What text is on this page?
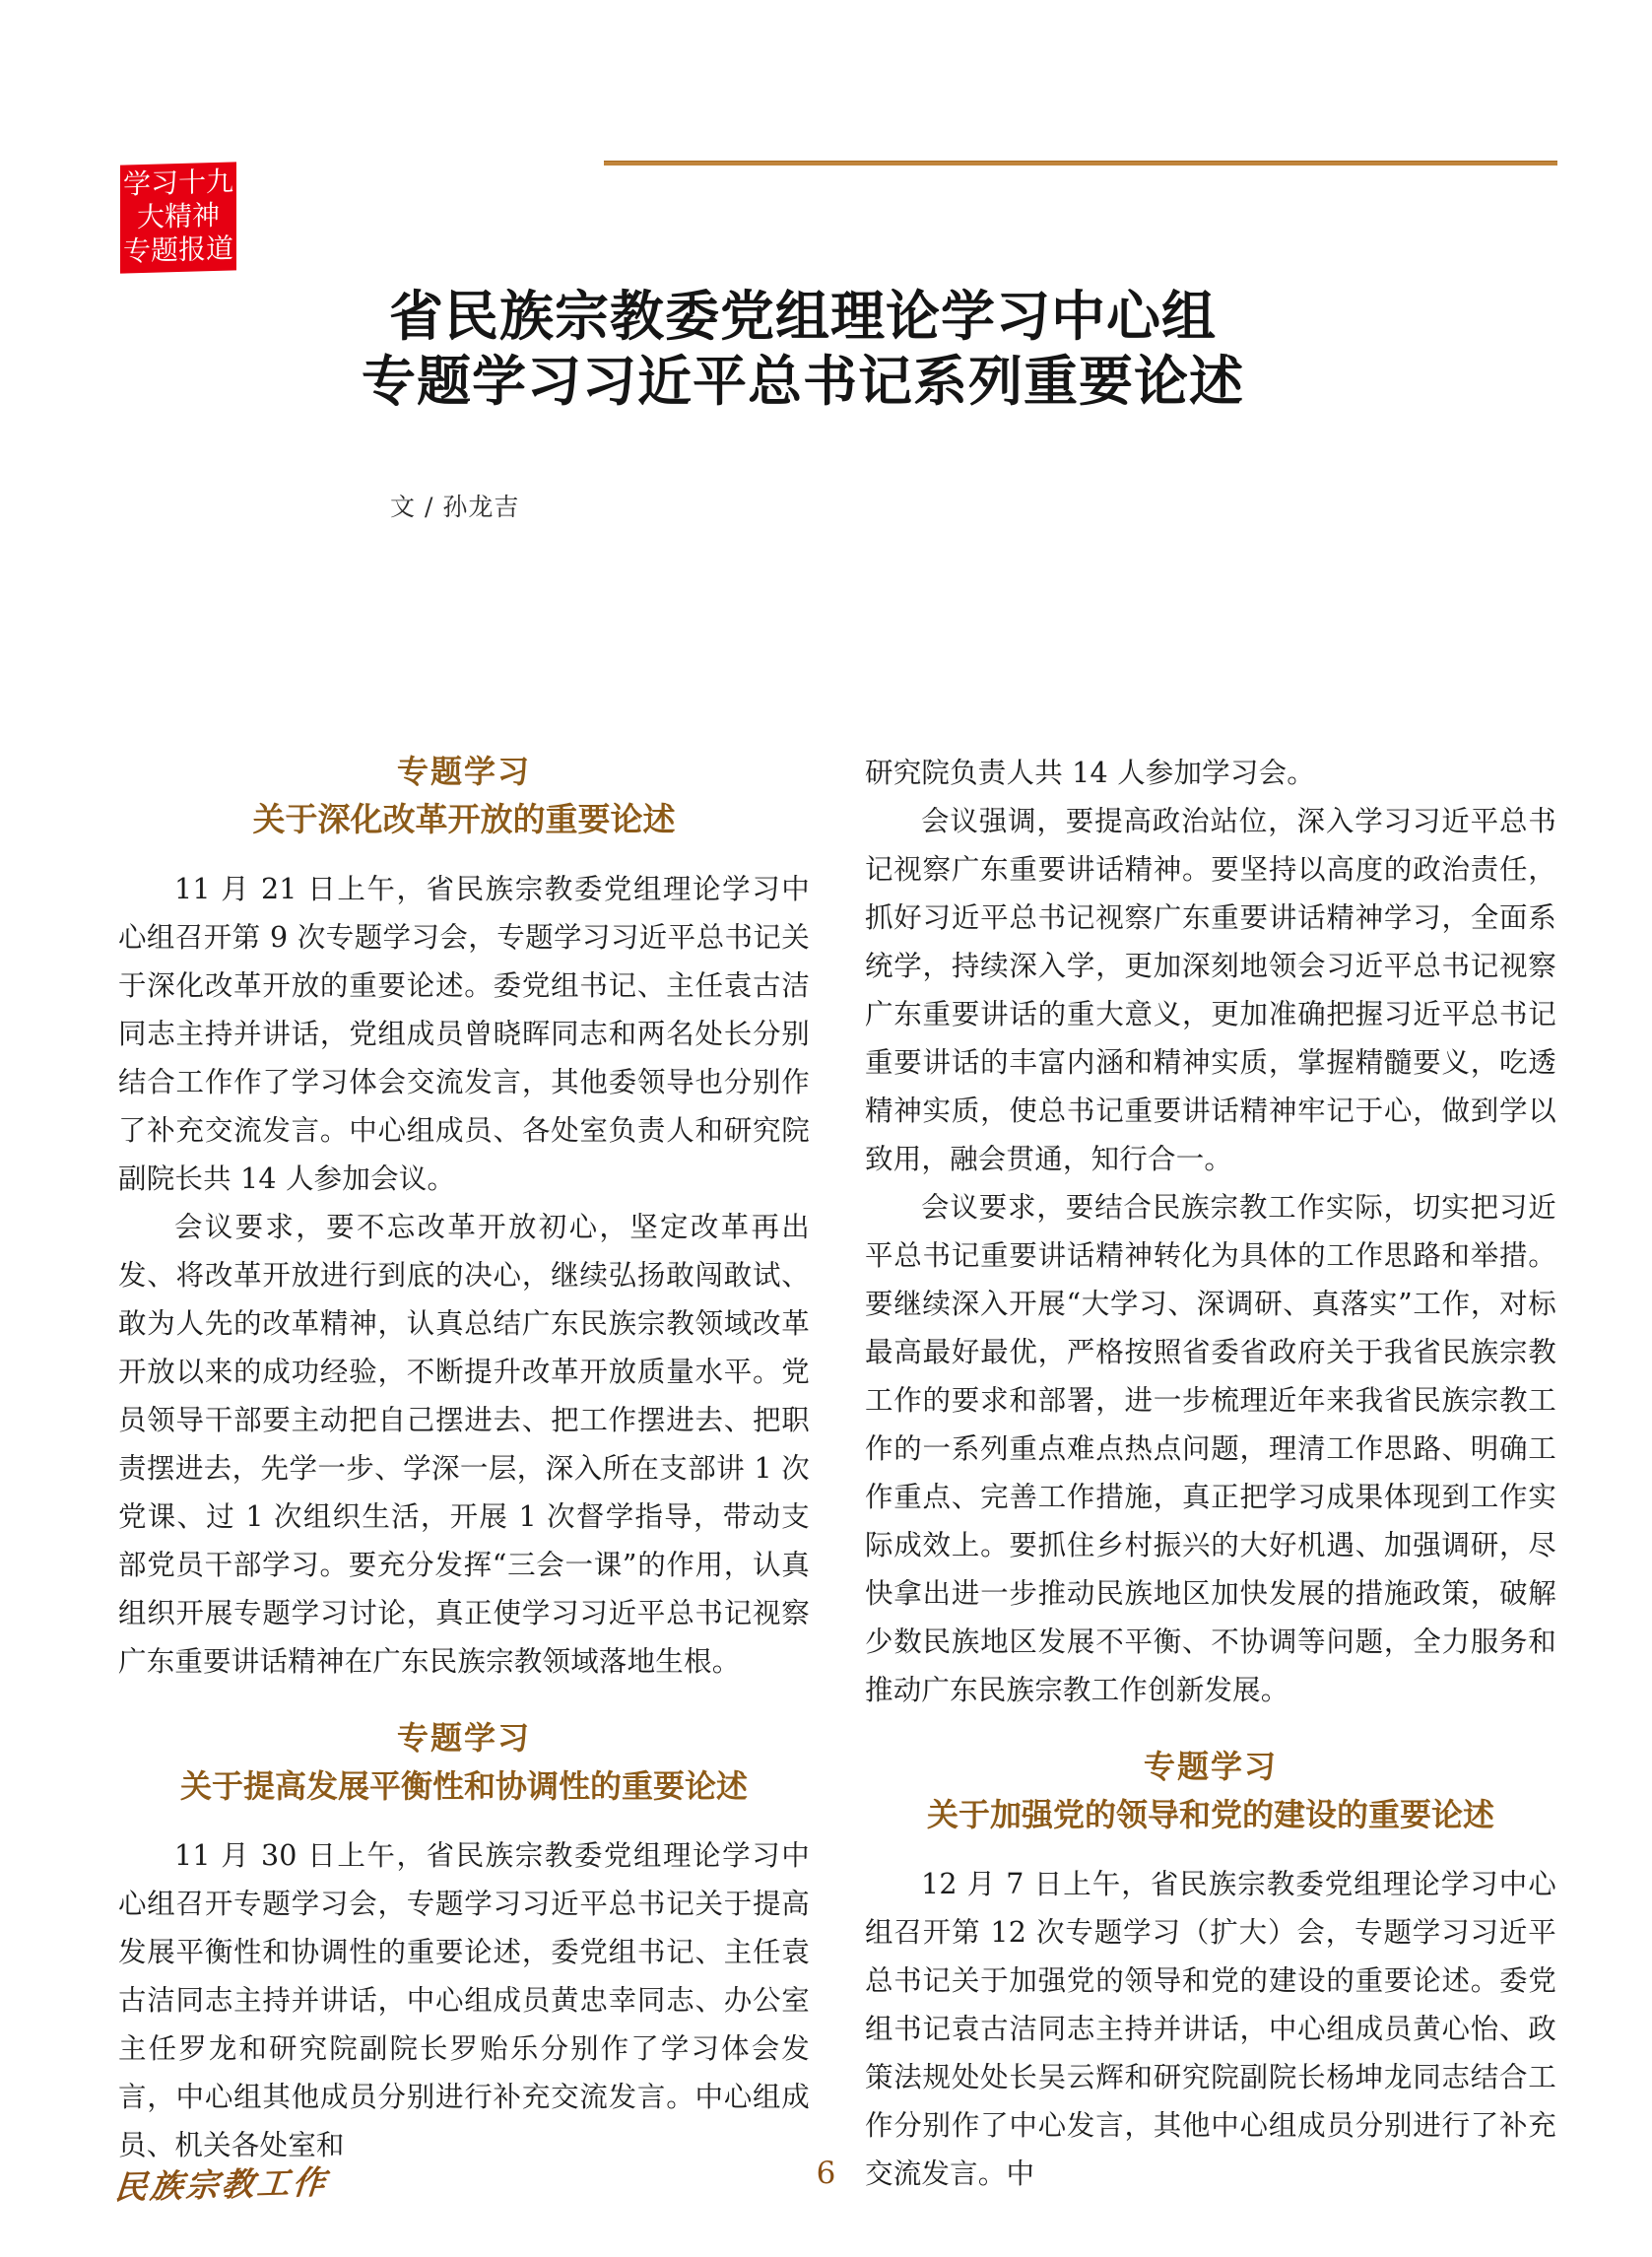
学习十九
大精神
专题报道
省民族宗教委党组理论学习中心组
专题学习习近平总书记系列重要论述
文 / 孙龙吉
专题学习
关于深化改革开放的重要论述

11 月 21 日上午，省民族宗教委党组理论学习中心组召开第 9 次专题学习会，专题学习习近平总书记关于深化改革开放的重要论述。委党组书记、主任袁古洁同志主持并讲话，党组成员曾晓晖同志和两名处长分别结合工作作了学习体会交流发言，其他委领导也分别作了补充交流发言。中心组成员、各处室负责人和研究院副院长共 14 人参加会议。

会议要求，要不忘改革开放初心，坚定改革再出发、将改革开放进行到底的决心，继续弘扬敢闯敢试、敢为人先的改革精神，认真总结广东民族宗教领域改革开放以来的成功经验，不断提升改革开放质量水平。党员领导干部要主动把自己摆进去、把工作摆进去、把职责摆进去，先学一步、学深一层，深入所在支部讲 1 次党课、过 1 次组织生活，开展 1 次督学指导，带动支部党员干部学习。要充分发挥“三会一课”的作用，认真组织开展专题学习讨论，真正使学习习近平总书记视察广东重要讲话精神在广东民族宗教领域落地生根。

专题学习
关于提高发展平衡性和协调性的重要论述

11 月 30 日上午，省民族宗教委党组理论学习中心组召开专题学习会，专题学习习近平总书记关于提高发展平衡性和协调性的重要论述，委党组书记、主任袁古洁同志主持并讲话，中心组成员黄忠幸同志、办公室主任罗龙和研究院副院长罗贻乐分别作了学习体会发言，中心组其他成员分别进行补充交流发言。中心组成员、机关各处室和

研究院负责人共 14 人参加学习会。

会议强调，要提高政治站位，深入学习习近平总书记视察广东重要讲话精神。要坚持以高度的政治责任，抓好习近平总书记视察广东重要讲话精神学习，全面系统学，持续深入学，更加深刻地领会习近平总书记视察广东重要讲话的重大意义，更加准确把握习近平总书记重要讲话的丰富内涵和精神实质，掌握精髓要义，吃透精神实质，使总书记重要讲话精神牢记于心，做到学以致用，融会贯通，知行合一。

会议要求，要结合民族宗教工作实际，切实把习近平总书记重要讲话精神转化为具体的工作思路和举措。要继续深入开展“大学习、深调研、真落实”工作，对标最高最好最优，严格按照省委省政府关于我省民族宗教工作的要求和部署，进一步梳理近年来我省民族宗教工作的一系列重点难点热点问题，理清工作思路、明确工作重点、完善工作措施，真正把学习成果体现到工作实际成效上。要抓住乡村振兴的大好机遇、加强调研，尽快拿出进一步推动民族地区加快发展的措施政策，破解少数民族地区发展不平衡、不协调等问题，全力服务和推动广东民族宗教工作创新发展。

专题学习
关于加强党的领导和党的建设的重要论述

12 月 7 日上午，省民族宗教委党组理论学习中心组召开第 12 次专题学习（扩大）会，专题学习习近平总书记关于加强党的领导和党的建设的重要论述。委党组书记袁古洁同志主持并讲话，中心组成员黄心怡、政策法规处处长吴云辉和研究院副院长杨坤龙同志结合工作分别作了中心发言，其他中心组成员分别进行了补充交流发言。中

民族宗教工作	6
